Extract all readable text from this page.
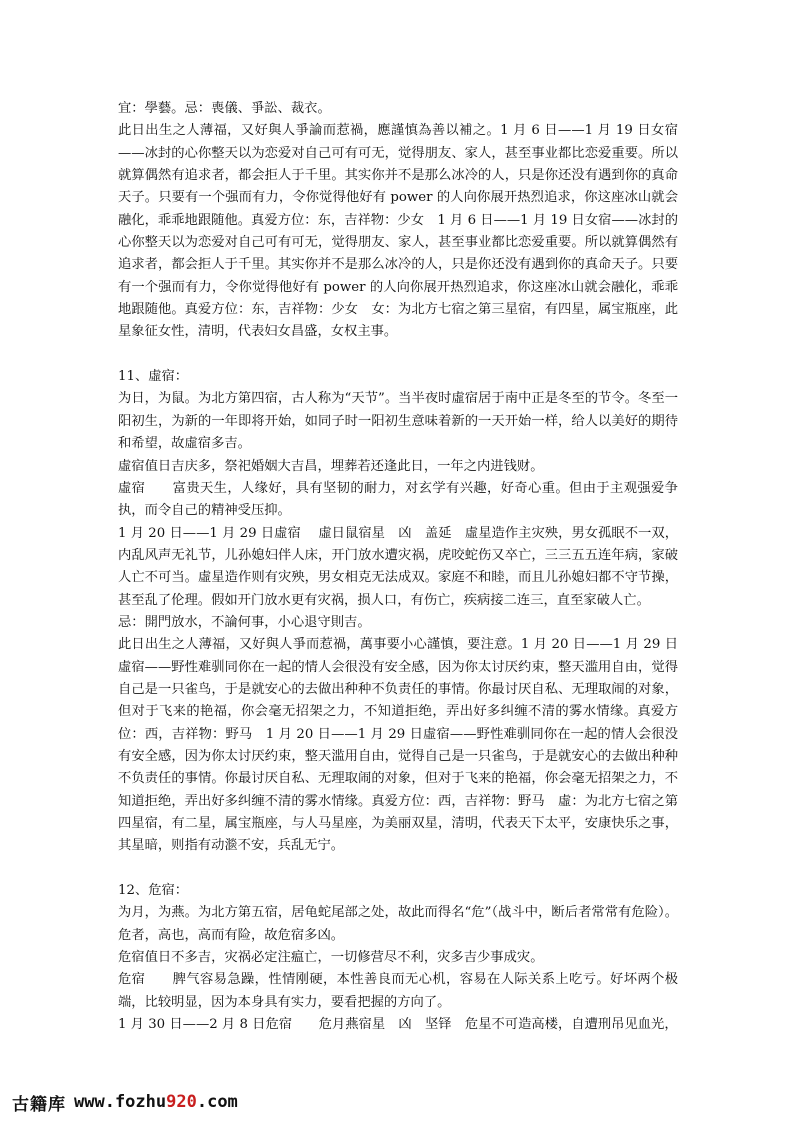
宜：學藝。忌：喪儀、爭訟、裁衣。

此日出生之人薄福，又好與人爭論而惹禍，應謹慎為善以補之。1 月 6 日——1 月 19 日女宿——冰封的心你整天以为恋爱对自己可有可无，觉得朋友、家人，甚至事业都比恋爱重要。所以就算偶然有追求者，都会拒人于千里。其实你并不是那么冰冷的人，只是你还没有遇到你的真命天子。只要有一个强而有力，令你觉得他好有 power 的人向你展开热烈追求，你这座冰山就会融化，乖乖地跟随他。真爱方位：东，吉祥物：少女　1 月 6 日——1 月 19 日女宿——冰封的心你整天以为恋爱对自己可有可无，觉得朋友、家人，甚至事业都比恋爱重要。所以就算偶然有追求者，都会拒人于千里。其实你并不是那么冰冷的人，只是你还没有遇到你的真命天子。只要有一个强而有力，令你觉得他好有 power 的人向你展开热烈追求，你这座冰山就会融化，乖乖地跟随他。真爱方位：东，吉祥物：少女　女：为北方七宿之第三星宿，有四星，属宝瓶座，此星象征女性，清明，代表妇女昌盛，女权主事。

11、虛宿：

为日，为鼠。为北方第四宿，古人称为“天节”。当半夜时虛宿居于南中正是冬至的节令。冬至一阳初生，为新的一年即将开始，如同子时一阳初生意味着新的一天开始一样，给人以美好的期待和希望，故虛宿多吉。

虛宿值日吉庆多，祭祀婚姻大吉昌，埋葬若还逢此日，一年之内进钱财。

虛宿　　富贵天生，人缘好，具有坚韧的耐力，对玄学有兴趣，好奇心重。但由于主观强爱争执，而令自己的精神受压抑。

1 月 20 日——1 月 29 日虛宿　 虛日鼠宿星　凶　盖延　虛星造作主灾殃，男女孤眠不一双，内乱风声无礼节，儿孙媳妇伴人床，开门放水遭灾祸，虎咬蛇伤又卒亡，三三五五连年病，家破人亡不可当。虛星造作则有灾殃，男女相克无法成双。家庭不和睦，而且儿孙媳妇都不守节操，甚至乱了伦理。假如开门放水更有灾祸，损人口，有伤亡，疾病接二连三，直至家破人亡。

忌：開門放水，不論何事，小心退守則吉。

此日出生之人薄福，又好與人爭而惹禍，萬事要小心謹慎，要注意。1 月 20 日——1 月 29 日虛宿——野性难驯同你在一起的情人会很没有安全感，因为你太讨厌约束，整天滥用自由，觉得自己是一只雀鸟，于是就安心的去做出种种不负责任的事情。你最讨厌自私、无理取闹的对象，但对于飞来的艳福，你会毫无招架之力，不知道拒绝，弄出好多纠缠不清的雾水情缘。真爱方位：西，吉祥物：野马　1 月 20 日——1 月 29 日虛宿——野性难驯同你在一起的情人会很没有安全感，因为你太讨厌约束，整天滥用自由，觉得自己是一只雀鸟，于是就安心的去做出种种不负责任的事情。你最讨厌自私、无理取闹的对象，但对于飞来的艳福，你会毫无招架之力，不知道拒绝，弄出好多纠缠不清的雾水情缘。真爱方位：西，吉祥物：野马　虛：为北方七宿之第四星宿，有二星，属宝瓶座，与人马星座，为美丽双星，清明，代表天下太平，安康快乐之事，其星暗，则指有动㴴不安，兵乱无宁。

12、危宿：

为月，为燕。为北方第五宿，居龟蛇尾部之处，故此而得名“危”（战斗中，断后者常常有危险）。危者，高也，高而有险，故危宿多凶。

危宿值日不多吉，灾祸必定注瘟亡，一切修营尽不利，灾多吉少事成灾。

危宿　　脾气容易急躁，性情刚硬，本性善良而无心机，容易在人际关系上吃亏。好坏两个极端，比较明显，因为本身具有实力，要看把握的方向了。

1 月 30 日——2 月 8 日危宿　　危月燕宿星　凶　坚铎　危星不可造高楼，自遭刑吊见血光，

古籍库 www.fozhu920.com
